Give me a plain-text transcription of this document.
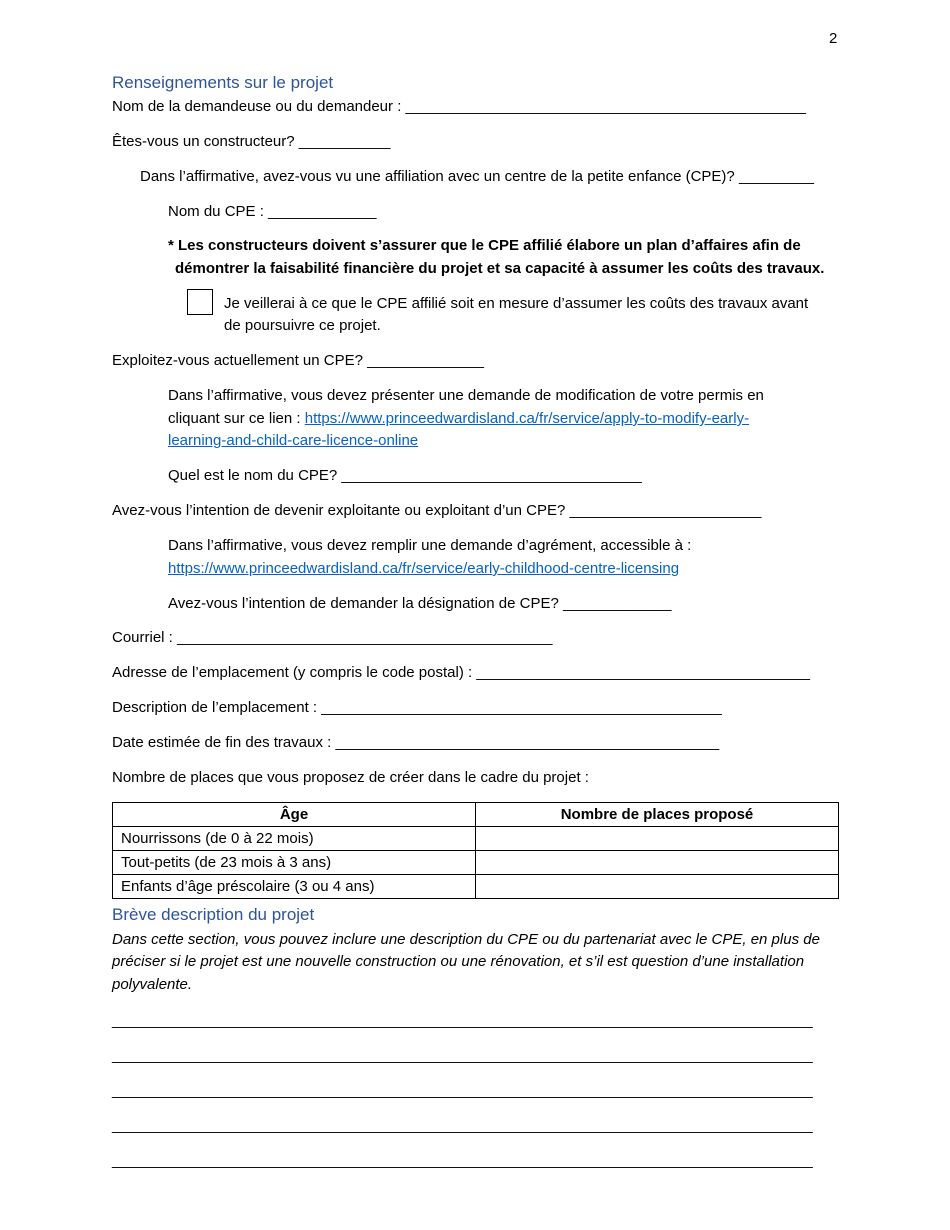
2
Renseignements sur le projet
Nom de la demandeuse ou du demandeur : ________________________________________________
Êtes-vous un constructeur? ___________
Dans l’affirmative, avez-vous vu une affiliation avec un centre de la petite enfance (CPE)? _________
Nom du CPE : _____________
* Les constructeurs doivent s’assurer que le CPE affilié élabore un plan d’affaires afin de
démontrer la faisabilité financière du projet et sa capacité à assumer les coûts des travaux.
Je veillerai à ce que le CPE affilié soit en mesure d’assumer les coûts des travaux avant
de poursuivre ce projet.
Exploitez-vous actuellement un CPE? ______________
Dans l’affirmative, vous devez présenter une demande de modification de votre permis en
cliquant sur ce lien : https://www.princeedwardisland.ca/fr/service/apply-to-modify-early-
learning-and-child-care-licence-online
Quel est le nom du CPE? ____________________________________
Avez-vous l’intention de devenir exploitante ou exploitant d’un CPE? _______________________
Dans l’affirmative, vous devez remplir une demande d’agrément, accessible à :
https://www.princeedwardisland.ca/fr/service/early-childhood-centre-licensing
Avez-vous l’intention de demander la désignation de CPE? _____________
Courriel : _____________________________________________
Adresse de l’emplacement (y compris le code postal) : ________________________________________
Description de l’emplacement : ________________________________________________
Date estimée de fin des travaux : ______________________________________________
Nombre de places que vous proposez de créer dans le cadre du projet :
Âge	Nombre de places proposé
Nourrissons (de 0 à 22 mois)	
Tout-petits (de 23 mois à 3 ans)	
Enfants d’âge préscolaire (3 ou 4 ans)	
Brève description du projet
Dans cette section, vous pouvez inclure une description du CPE ou du partenariat avec le CPE, en plus de
préciser si le projet est une nouvelle construction ou une rénovation, et s’il est question d’une installation
polyvalente.
____________________________________________________________________________________
____________________________________________________________________________________
____________________________________________________________________________________
____________________________________________________________________________________
____________________________________________________________________________________
